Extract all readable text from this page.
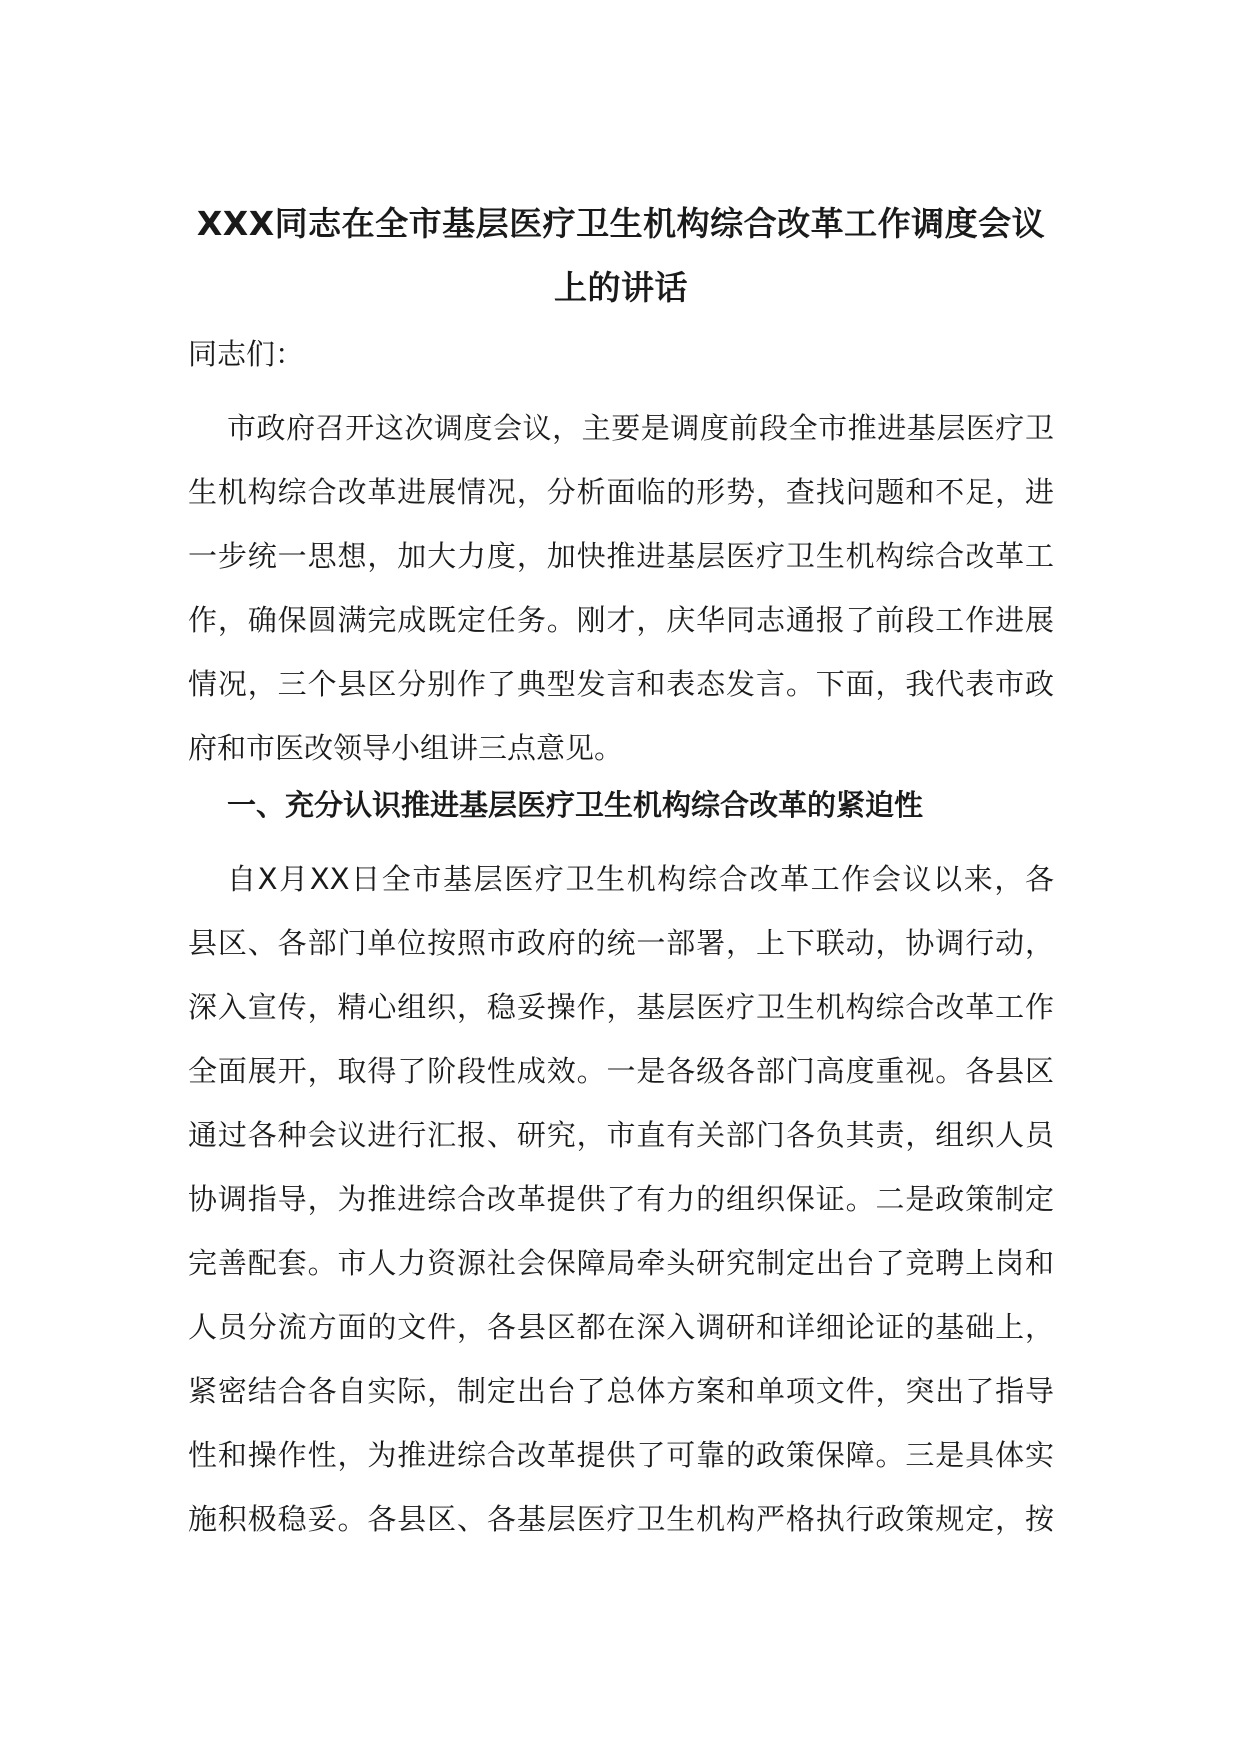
XXX同志在全市基层医疗卫生机构综合改革工作调度会议
上的讲话

同志们：

市政府召开这次调度会议，主要是调度前段全市推进基层医疗卫
生机构综合改革进展情况，分析面临的形势，查找问题和不足，进
一步统一思想，加大力度，加快推进基层医疗卫生机构综合改革工
作，确保圆满完成既定任务。刚才，庆华同志通报了前段工作进展
情况，三个县区分别作了典型发言和表态发言。下面，我代表市政
府和市医改领导小组讲三点意见。

一、充分认识推进基层医疗卫生机构综合改革的紧迫性

自X月XX日全市基层医疗卫生机构综合改革工作会议以来，各
县区、各部门单位按照市政府的统一部署，上下联动，协调行动，
深入宣传，精心组织，稳妥操作，基层医疗卫生机构综合改革工作
全面展开，取得了阶段性成效。一是各级各部门高度重视。各县区
通过各种会议进行汇报、研究，市直有关部门各负其责，组织人员
协调指导，为推进综合改革提供了有力的组织保证。二是政策制定
完善配套。市人力资源社会保障局牵头研究制定出台了竞聘上岗和
人员分流方面的文件，各县区都在深入调研和详细论证的基础上，
紧密结合各自实际，制定出台了总体方案和单项文件，突出了指导
性和操作性，为推进综合改革提供了可靠的政策保障。三是具体实
施积极稳妥。各县区、各基层医疗卫生机构严格执行政策规定，按
